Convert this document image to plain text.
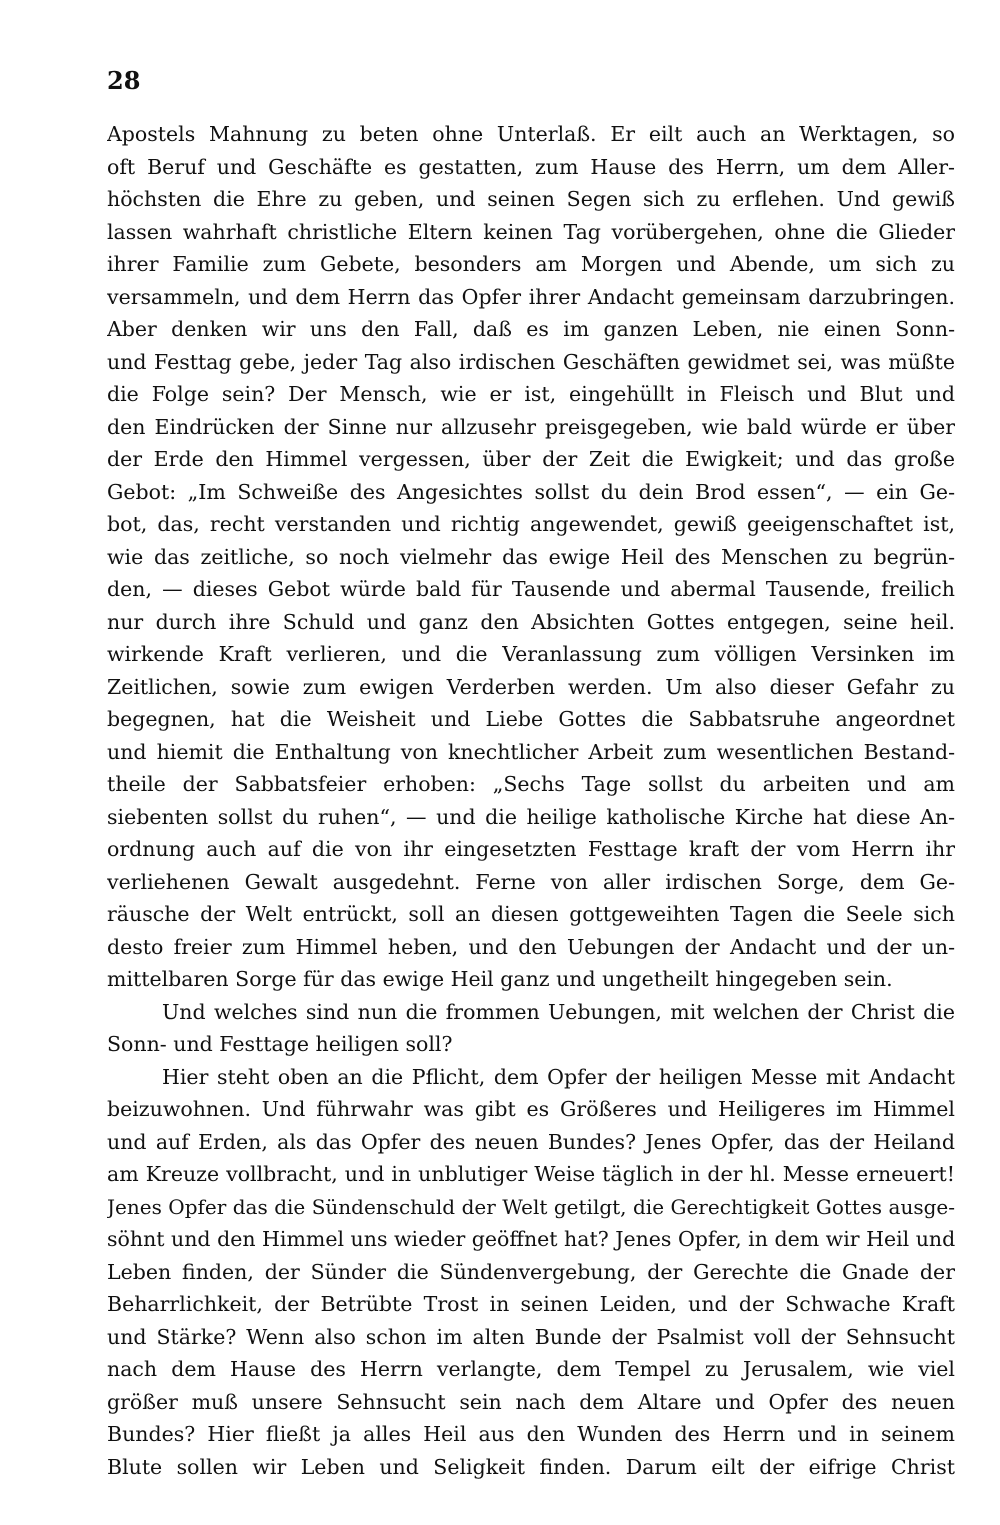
28
Apostels Mahnung zu beten ohne Unterlaß. Er eilt auch an Werktagen, so
oft Beruf und Geschäfte es gestatten, zum Hause des Herrn, um dem Aller-
höchsten die Ehre zu geben, und seinen Segen sich zu erflehen. Und gewiß
lassen wahrhaft christliche Eltern keinen Tag vorübergehen, ohne die Glieder
ihrer Familie zum Gebete, besonders am Morgen und Abende, um sich zu
versammeln, und dem Herrn das Opfer ihrer Andacht gemeinsam darzubringen.
Aber denken wir uns den Fall, daß es im ganzen Leben, nie einen Sonn-
und Festtag gebe, jeder Tag also irdischen Geschäften gewidmet sei, was müßte
die Folge sein? Der Mensch, wie er ist, eingehüllt in Fleisch und Blut und
den Eindrücken der Sinne nur allzusehr preisgegeben, wie bald würde er über
der Erde den Himmel vergessen, über der Zeit die Ewigkeit; und das große
Gebot: „Im Schweiße des Angesichtes sollst du dein Brod essen“, — ein Ge-
bot, das, recht verstanden und richtig angewendet, gewiß geeigenschaftet ist,
wie das zeitliche, so noch vielmehr das ewige Heil des Menschen zu begrün-
den, — dieses Gebot würde bald für Tausende und abermal Tausende, freilich
nur durch ihre Schuld und ganz den Absichten Gottes entgegen, seine heil.
wirkende Kraft verlieren, und die Veranlassung zum völligen Versinken im
Zeitlichen, sowie zum ewigen Verderben werden. Um also dieser Gefahr zu
begegnen, hat die Weisheit und Liebe Gottes die Sabbatsruhe angeordnet
und hiemit die Enthaltung von knechtlicher Arbeit zum wesentlichen Bestand-
theile der Sabbatsfeier erhoben: „Sechs Tage sollst du arbeiten und am
siebenten sollst du ruhen“, — und die heilige katholische Kirche hat diese An-
ordnung auch auf die von ihr eingesetzten Festtage kraft der vom Herrn ihr
verliehenen Gewalt ausgedehnt. Ferne von aller irdischen Sorge, dem Ge-
räusche der Welt entrückt, soll an diesen gottgeweihten Tagen die Seele sich
desto freier zum Himmel heben, und den Uebungen der Andacht und der un-
mittelbaren Sorge für das ewige Heil ganz und ungetheilt hingegeben sein.
Und welches sind nun die frommen Uebungen, mit welchen der Christ die
Sonn- und Festtage heiligen soll?
Hier steht oben an die Pflicht, dem Opfer der heiligen Messe mit Andacht
beizuwohnen. Und führwahr was gibt es Größeres und Heiligeres im Himmel
und auf Erden, als das Opfer des neuen Bundes? Jenes Opfer, das der Heiland
am Kreuze vollbracht, und in unblutiger Weise täglich in der hl. Messe erneuert!
Jenes Opfer das die Sündenschuld der Welt getilgt, die Gerechtigkeit Gottes ausge-
söhnt und den Himmel uns wieder geöffnet hat? Jenes Opfer, in dem wir Heil und
Leben finden, der Sünder die Sündenvergebung, der Gerechte die Gnade der
Beharrlichkeit, der Betrübte Trost in seinen Leiden, und der Schwache Kraft
und Stärke? Wenn also schon im alten Bunde der Psalmist voll der Sehnsucht
nach dem Hause des Herrn verlangte, dem Tempel zu Jerusalem, wie viel
größer muß unsere Sehnsucht sein nach dem Altare und Opfer des neuen
Bundes? Hier fließt ja alles Heil aus den Wunden des Herrn und in seinem
Blute sollen wir Leben und Seligkeit finden. Darum eilt der eifrige Christ
